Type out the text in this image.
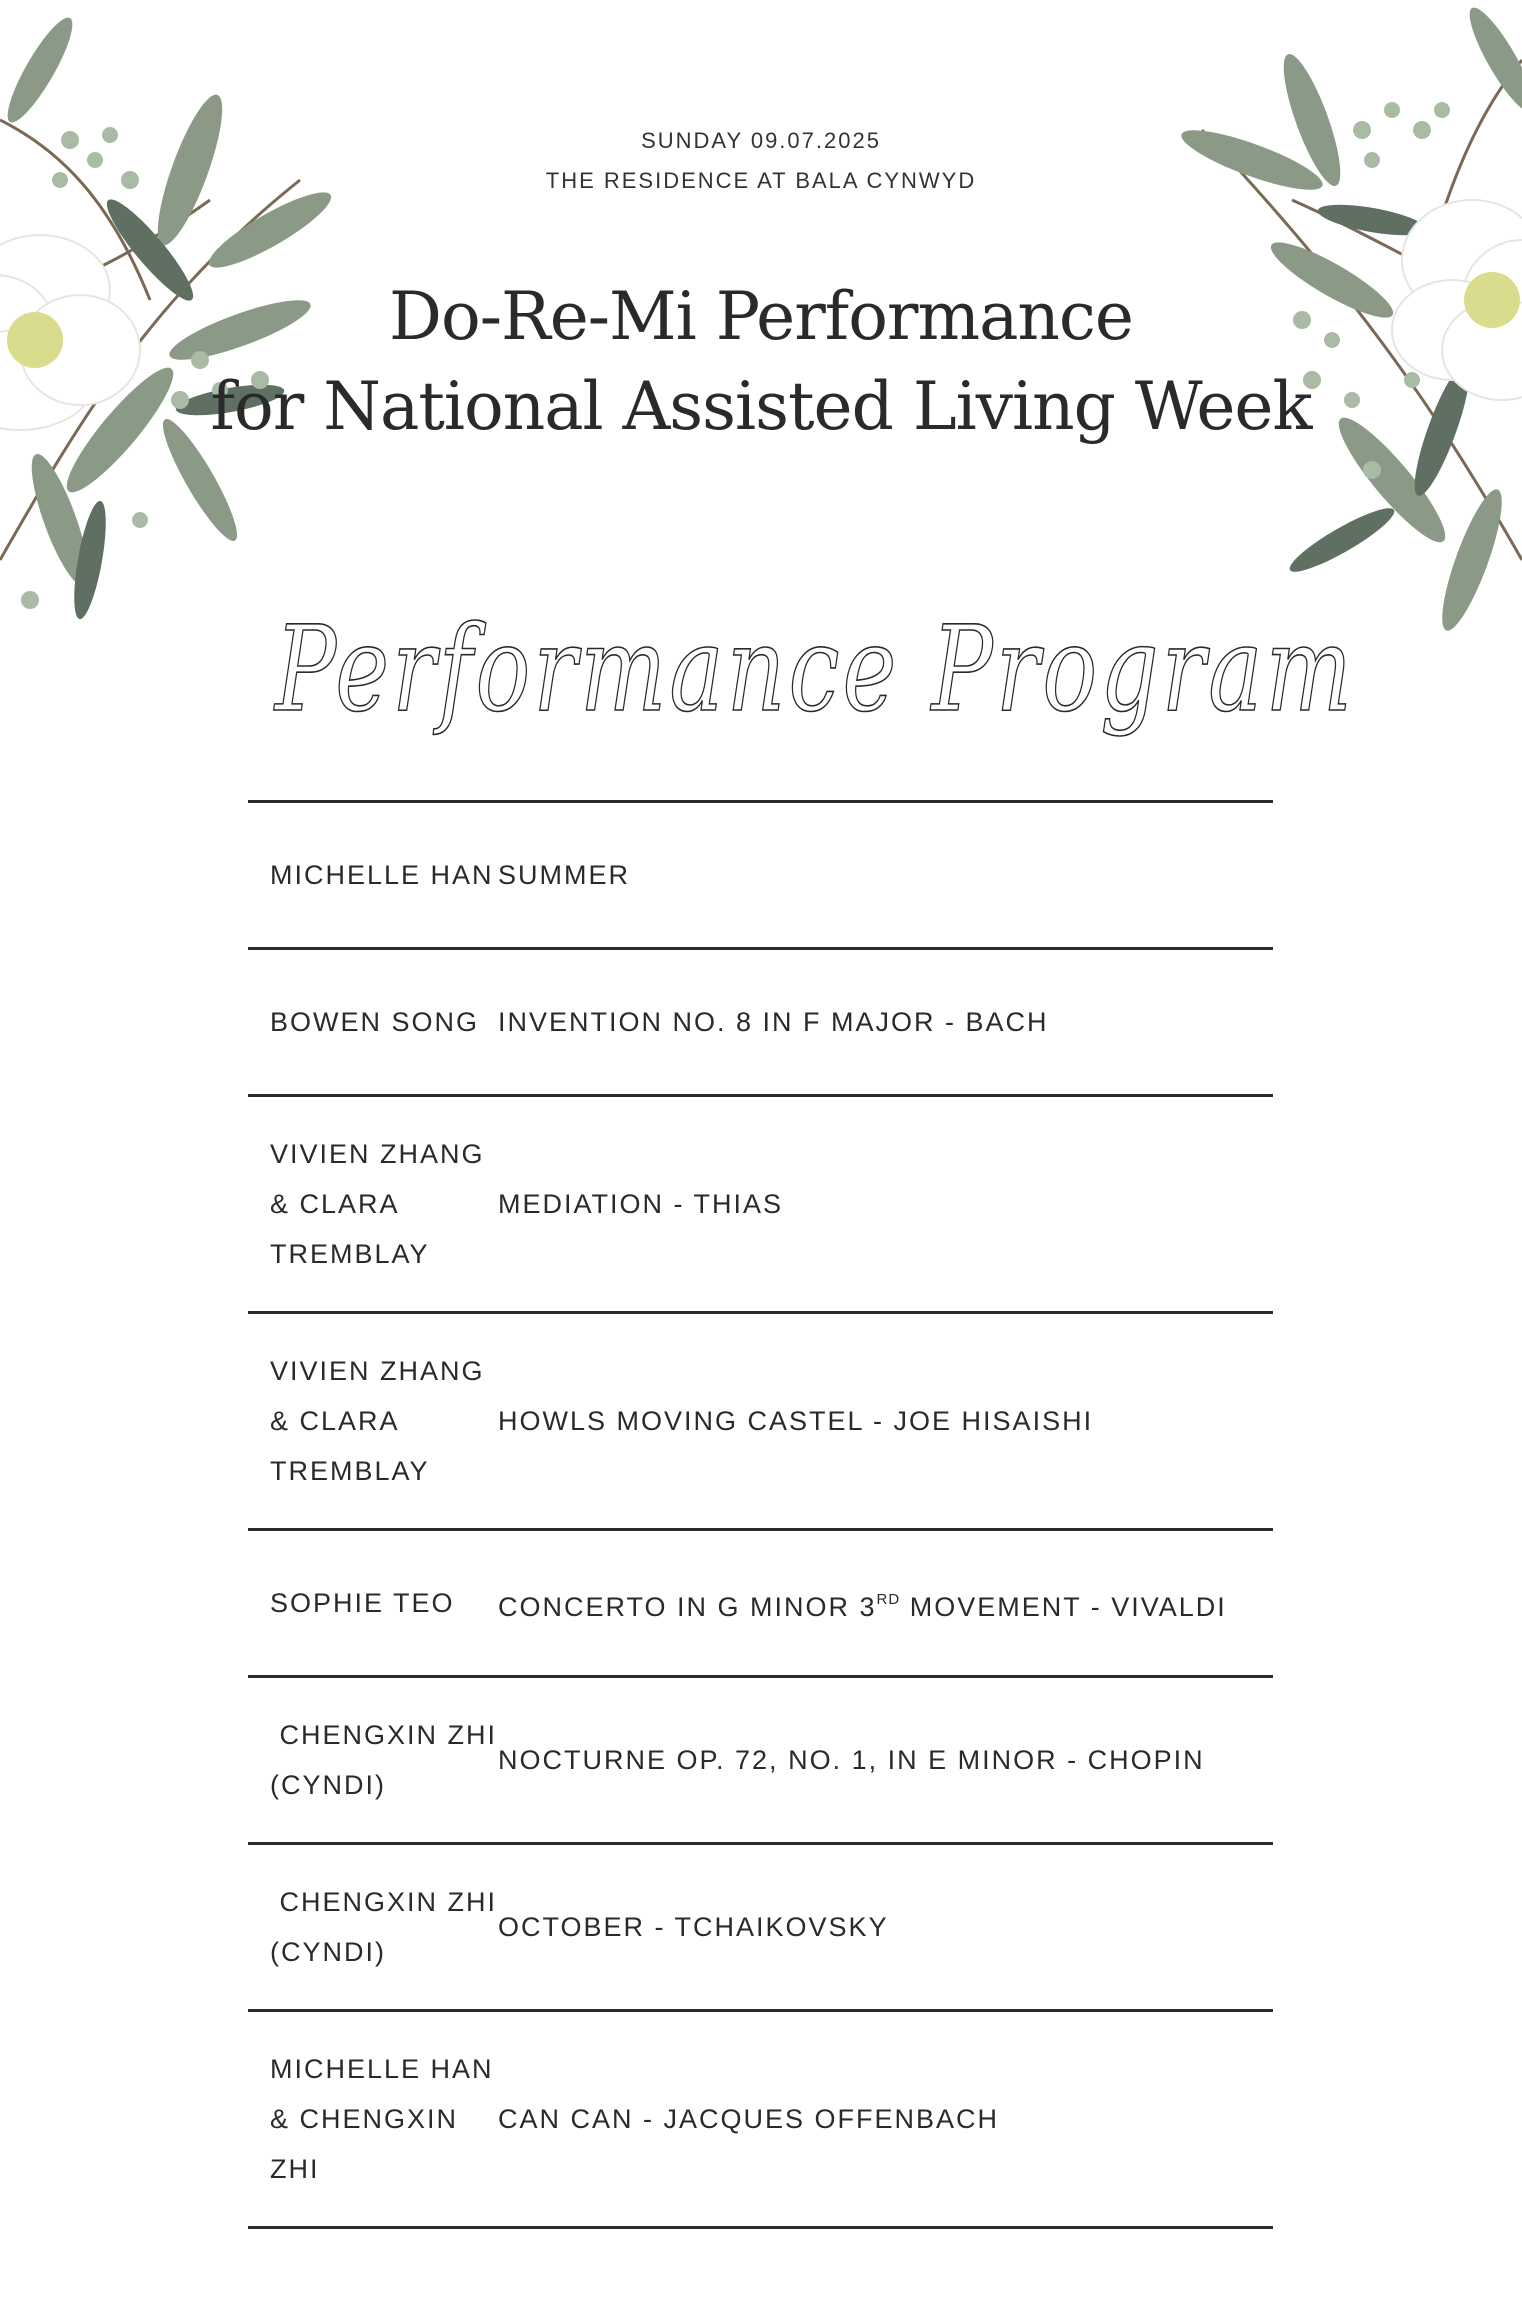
SUNDAY 09.07.2025
THE RESIDENCE AT BALA CYNWYD
Do-Re-Mi Performance
for National Assisted Living Week
Performance Program
MICHELLE HAN SUMMER
BOWEN SONG INVENTION NO. 8 IN F MAJOR - BACH
VIVIEN ZHANG & CLARA TREMBLAY
MEDIATION - THIAS
VIVIEN ZHANG & CLARA TREMBLAY
HOWLS MOVING CASTEL - JOE HISAISHI
SOPHIE TEO	CONCERTO IN G MINOR 3RD MOVEMENT - VIVALDI
CHENGXIN ZHI (CYNDI)
NOCTURNE OP. 72, NO. 1, IN E MINOR - CHOPIN
CHENGXIN ZHI (CYNDI)
OCTOBER - TCHAIKOVSKY
MICHELLE HAN & CHENGXIN ZHI
CAN CAN - JACQUES OFFENBACH
